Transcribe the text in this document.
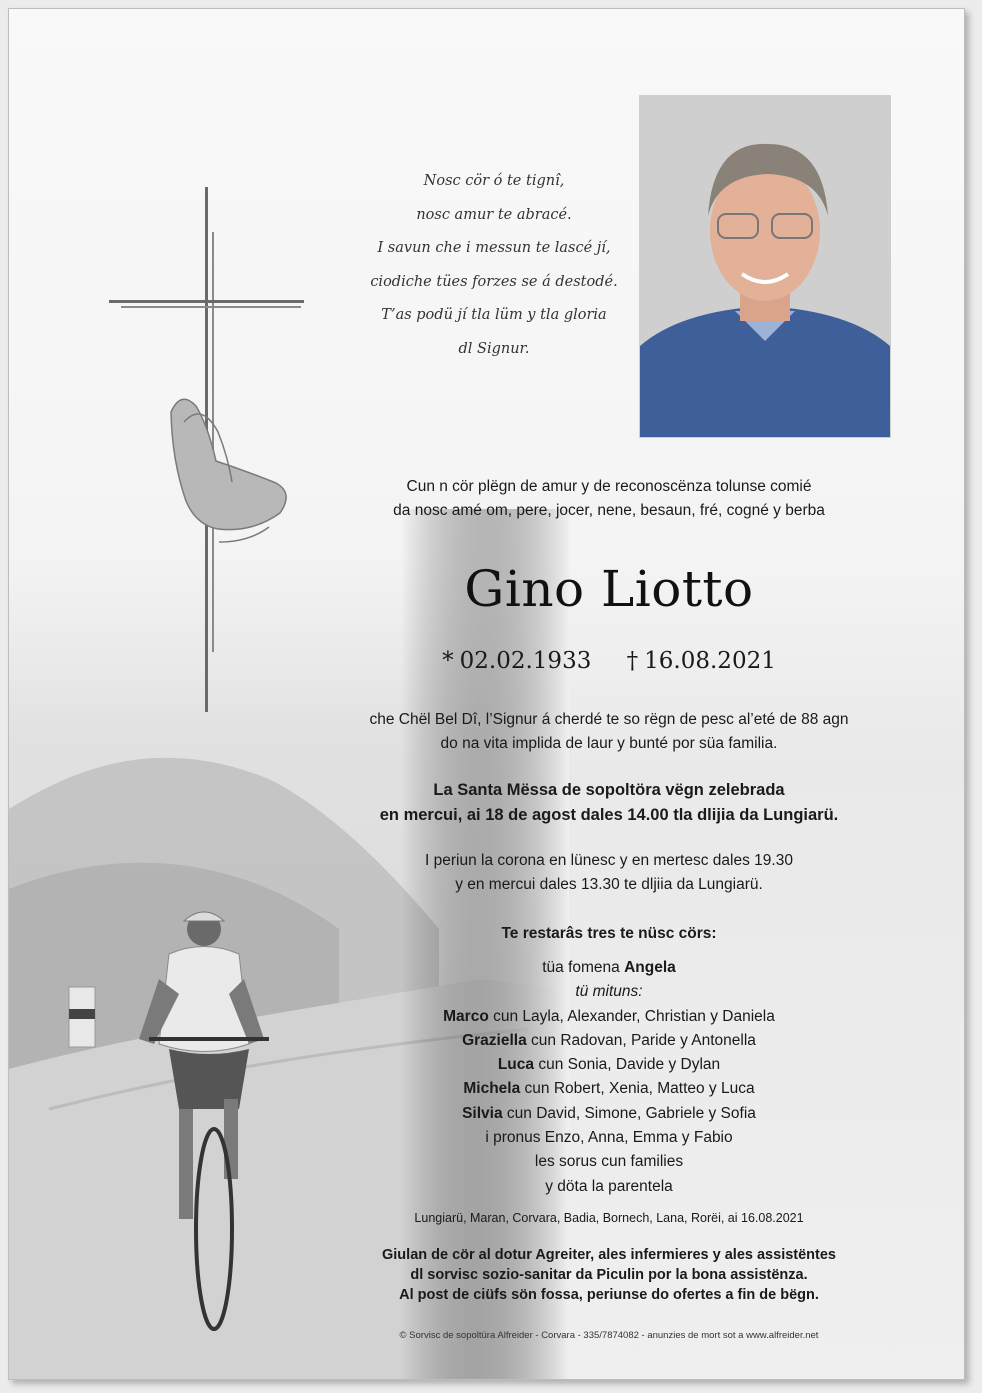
Nosc cör ó te tignî,
nosc amur te abracé.
I savun che i messun te lascé jí,
ciodiche tües forzes se á destodé.
T’as podü jí tla lüm y tla gloria
dl Signur.
Cun n cör plëgn de amur y de reconoscënza tolunse comié
da nosc amé om, pere, jocer, nene, besaun, fré, cogné y berba
Gino Liotto
* 02.02.1933 † 16.08.2021
che Chël Bel Dî, l’Signur á cherdé te so rëgn de pesc al’eté de 88 agn
do na vita implida de laur y bunté por süa familia.
La Santa Mëssa de sopoltöra vëgn zelebrada
en mercui, ai 18 de agost dales 14.00 tla dlijia da Lungiarü.
I periun la corona en lünesc y en mertesc dales 19.30
y en mercui dales 13.30 te dljiia da Lungiarü.
Te restarâs tres te nüsc cörs:
tüa fomena Angela
tü mituns:
Marco cun Layla, Alexander, Christian y Daniela
Graziella cun Radovan, Paride y Antonella
Luca cun Sonia, Davide y Dylan
Michela cun Robert, Xenia, Matteo y Luca
Silvia cun David, Simone, Gabriele y Sofia
i pronus Enzo, Anna, Emma y Fabio
les sorus cun families
y döta la parentela
Lungiarü, Maran, Corvara, Badia, Bornech, Lana, Rorëi, ai 16.08.2021
Giulan de cör al dotur Agreiter, ales infermieres y ales assistëntes
dl sorvisc sozio-sanitar da Piculin por la bona assistënza.
Al post de ciüfs sön fossa, periunse do ofertes a fin de bëgn.
© Sorvisc de sopoltüra Alfreider - Corvara - 335/7874082 - anunzies de mort sot a www.alfreider.net
